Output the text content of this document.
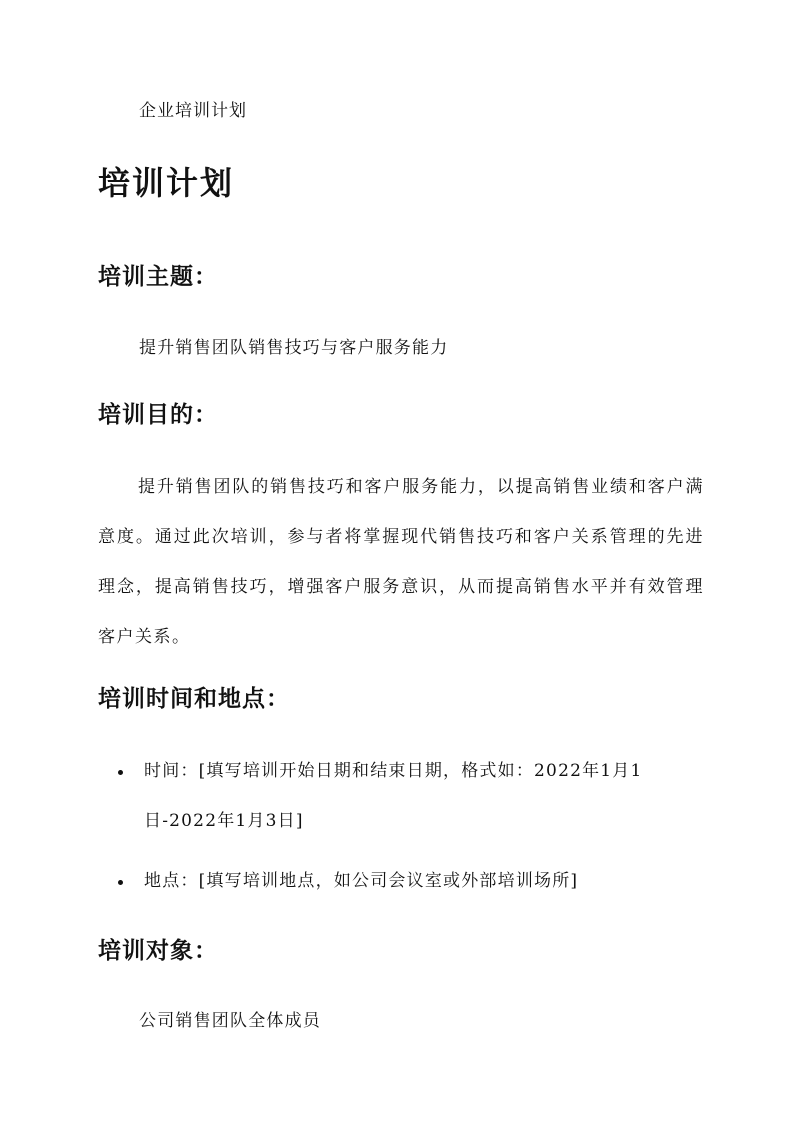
企业培训计划
培训计划
培训主题：
提升销售团队销售技巧与客户服务能力
培训目的：
提升销售团队的销售技巧和客户服务能力，以提高销售业绩和客户满意度。通过此次培训，参与者将掌握现代销售技巧和客户关系管理的先进理念，提高销售技巧，增强客户服务意识，从而提高销售水平并有效管理客户关系。
培训时间和地点：
时间：[填写培训开始日期和结束日期，格式如：2022年1月1日-2022年1月3日]
地点：[填写培训地点，如公司会议室或外部培训场所]
培训对象：
公司销售团队全体成员
